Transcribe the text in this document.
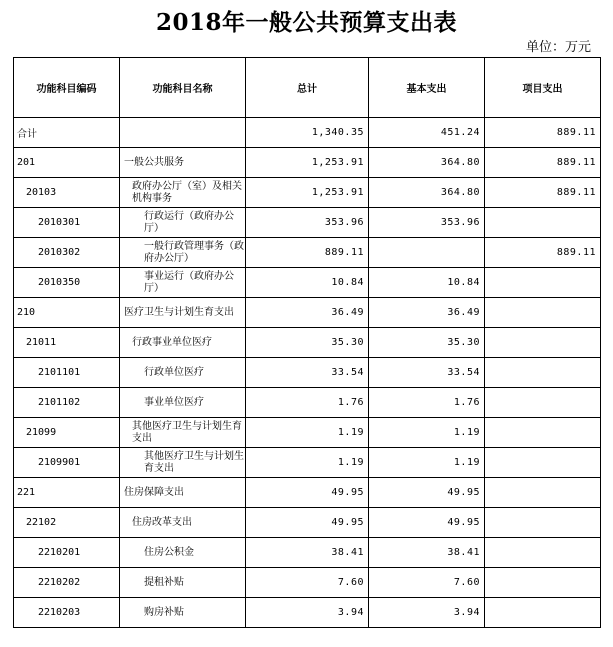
2018年一般公共预算支出表
单位：万元
功能科目编码	功能科目名称	总计	基本支出	项目支出
合计		1,340.35	451.24	889.11
201	一般公共服务	1,253.91	364.80	889.11
20103	政府办公厅（室）及相关机构事务	1,253.91	364.80	889.11
2010301	行政运行（政府办公厅）	353.96	353.96	
2010302	一般行政管理事务（政府办公厅）	889.11		889.11
2010350	事业运行（政府办公厅）	10.84	10.84	
210	医疗卫生与计划生育支出	36.49	36.49	
21011	行政事业单位医疗	35.30	35.30	
2101101	行政单位医疗	33.54	33.54	
2101102	事业单位医疗	1.76	1.76	
21099	其他医疗卫生与计划生育支出	1.19	1.19	
2109901	其他医疗卫生与计划生育支出	1.19	1.19	
221	住房保障支出	49.95	49.95	
22102	住房改革支出	49.95	49.95	
2210201	住房公积金	38.41	38.41	
2210202	提租补贴	7.60	7.60	
2210203	购房补贴	3.94	3.94	
